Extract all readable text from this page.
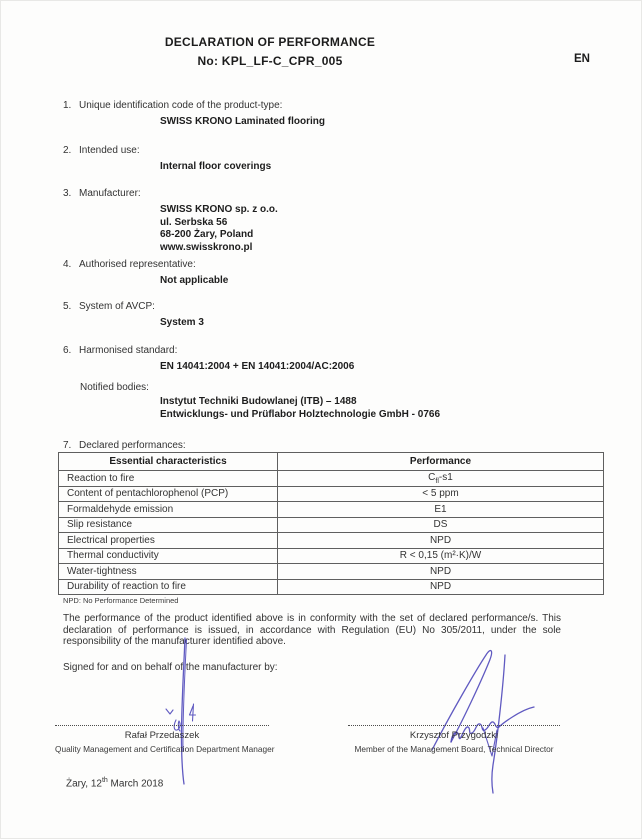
DECLARATION OF PERFORMANCE
No: KPL_LF-C_CPR_005	EN
1. Unique identification code of the product-type:
SWISS KRONO Laminated flooring
2. Intended use:
Internal floor coverings
3. Manufacturer:
SWISS KRONO sp. z o.o.
ul. Serbska 56
68-200 Żary, Poland
www.swisskrono.pl
4. Authorised representative:
Not applicable
5. System of AVCP:
System 3
6. Harmonised standard:
EN 14041:2004 + EN 14041:2004/AC:2006
Notified bodies:
Instytut Techniki Budowlanej (ITB) – 1488
Entwicklungs- und Prüflabor Holztechnologie GmbH - 0766
7. Declared performances:
Essential characteristics	Performance
Reaction to fire	$C_{fl}-s1$
Content of pentachlorophenol (PCP)	< 5 ppm
Formaldehyde emission	E1
Slip resistance	DS
Electrical properties	NPD
Thermal conductivity	R < 0,15 (m²·K)/W
Water-tightness	NPD
Durability of reaction to fire	NPD
NPD: No Performance Determined
The performance of the product identified above is in conformity with the set of declared performance/s. This declaration of performance is issued, in accordance with Regulation (EU) No 305/2011, under the sole responsibility of the manufacturer identified above.
Signed for and on behalf of the manufacturer by:
Rafał Przedaszek
Quality Management and Certification Department Manager
Krzysztof Przygodzki
Member of the Management Board, Technical Director
Żary, 12th March 2018
